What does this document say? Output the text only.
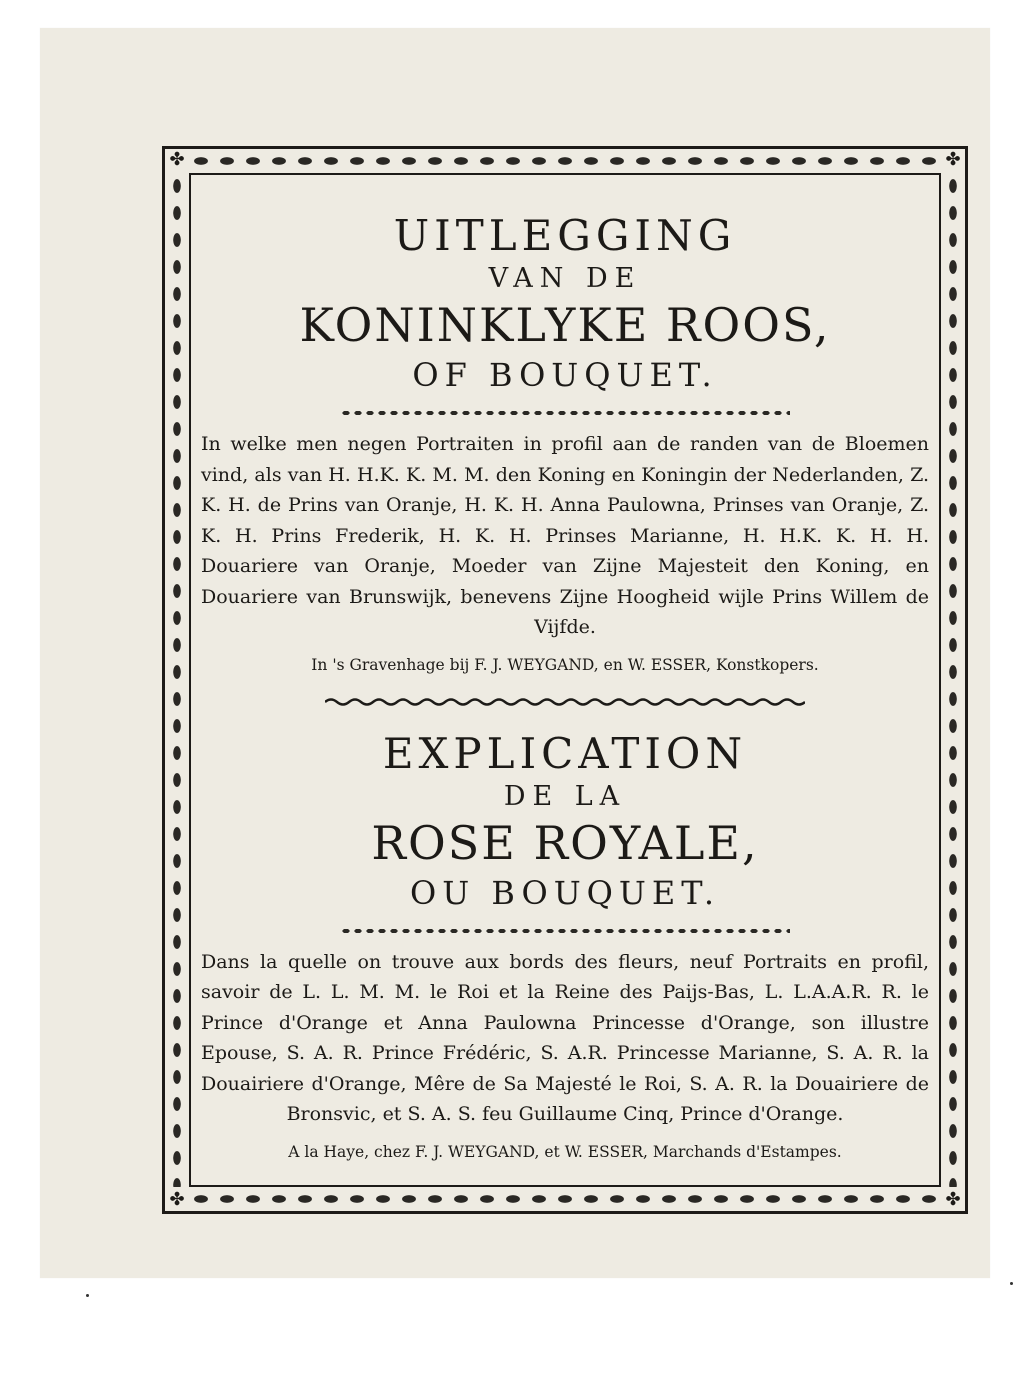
✤	✤
✤	✤
UITLEGGING
VAN DE
KONINKLYKE ROOS,
OF BOUQUET.

In welke men negen Portraiten in profil aan de randen van de Bloemen vind, als van H. H.K. K. M. M. den Koning en Koningin der Nederlanden, Z. K. H. de Prins van Oranje, H. K. H. Anna Paulowna, Prinses van Oranje, Z. K. H. Prins Frederik, H. K. H. Prinses Marianne, H. H.K. K. H. H. Douariere van Oranje, Moeder van Zijne Majesteit den Koning, en Douariere van Brunswijk, benevens Zijne Hoogheid wijle Prins Willem de Vijfde.

In 's Gravenhage bij F. J. WEYGAND, en W. ESSER, Konstkopers.
EXPLICATION
DE LA
ROSE ROYALE,
OU BOUQUET.

Dans la quelle on trouve aux bords des fleurs, neuf Portraits en profil, savoir de L. L. M. M. le Roi et la Reine des Paijs-Bas, L. L.A.A.R. R. le Prince d'Orange et Anna Paulowna Princesse d'Orange, son illustre Epouse, S. A. R. Prince Frédéric, S. A.R. Princesse Marianne, S. A. R. la Douairiere d'Orange, Mêre de Sa Majesté le Roi, S. A. R. la Douairiere de Bronsvic, et S. A. S. feu Guillaume Cinq, Prince d'Orange.

A la Haye, chez F. J. WEYGAND, et W. ESSER, Marchands d'Estampes.
